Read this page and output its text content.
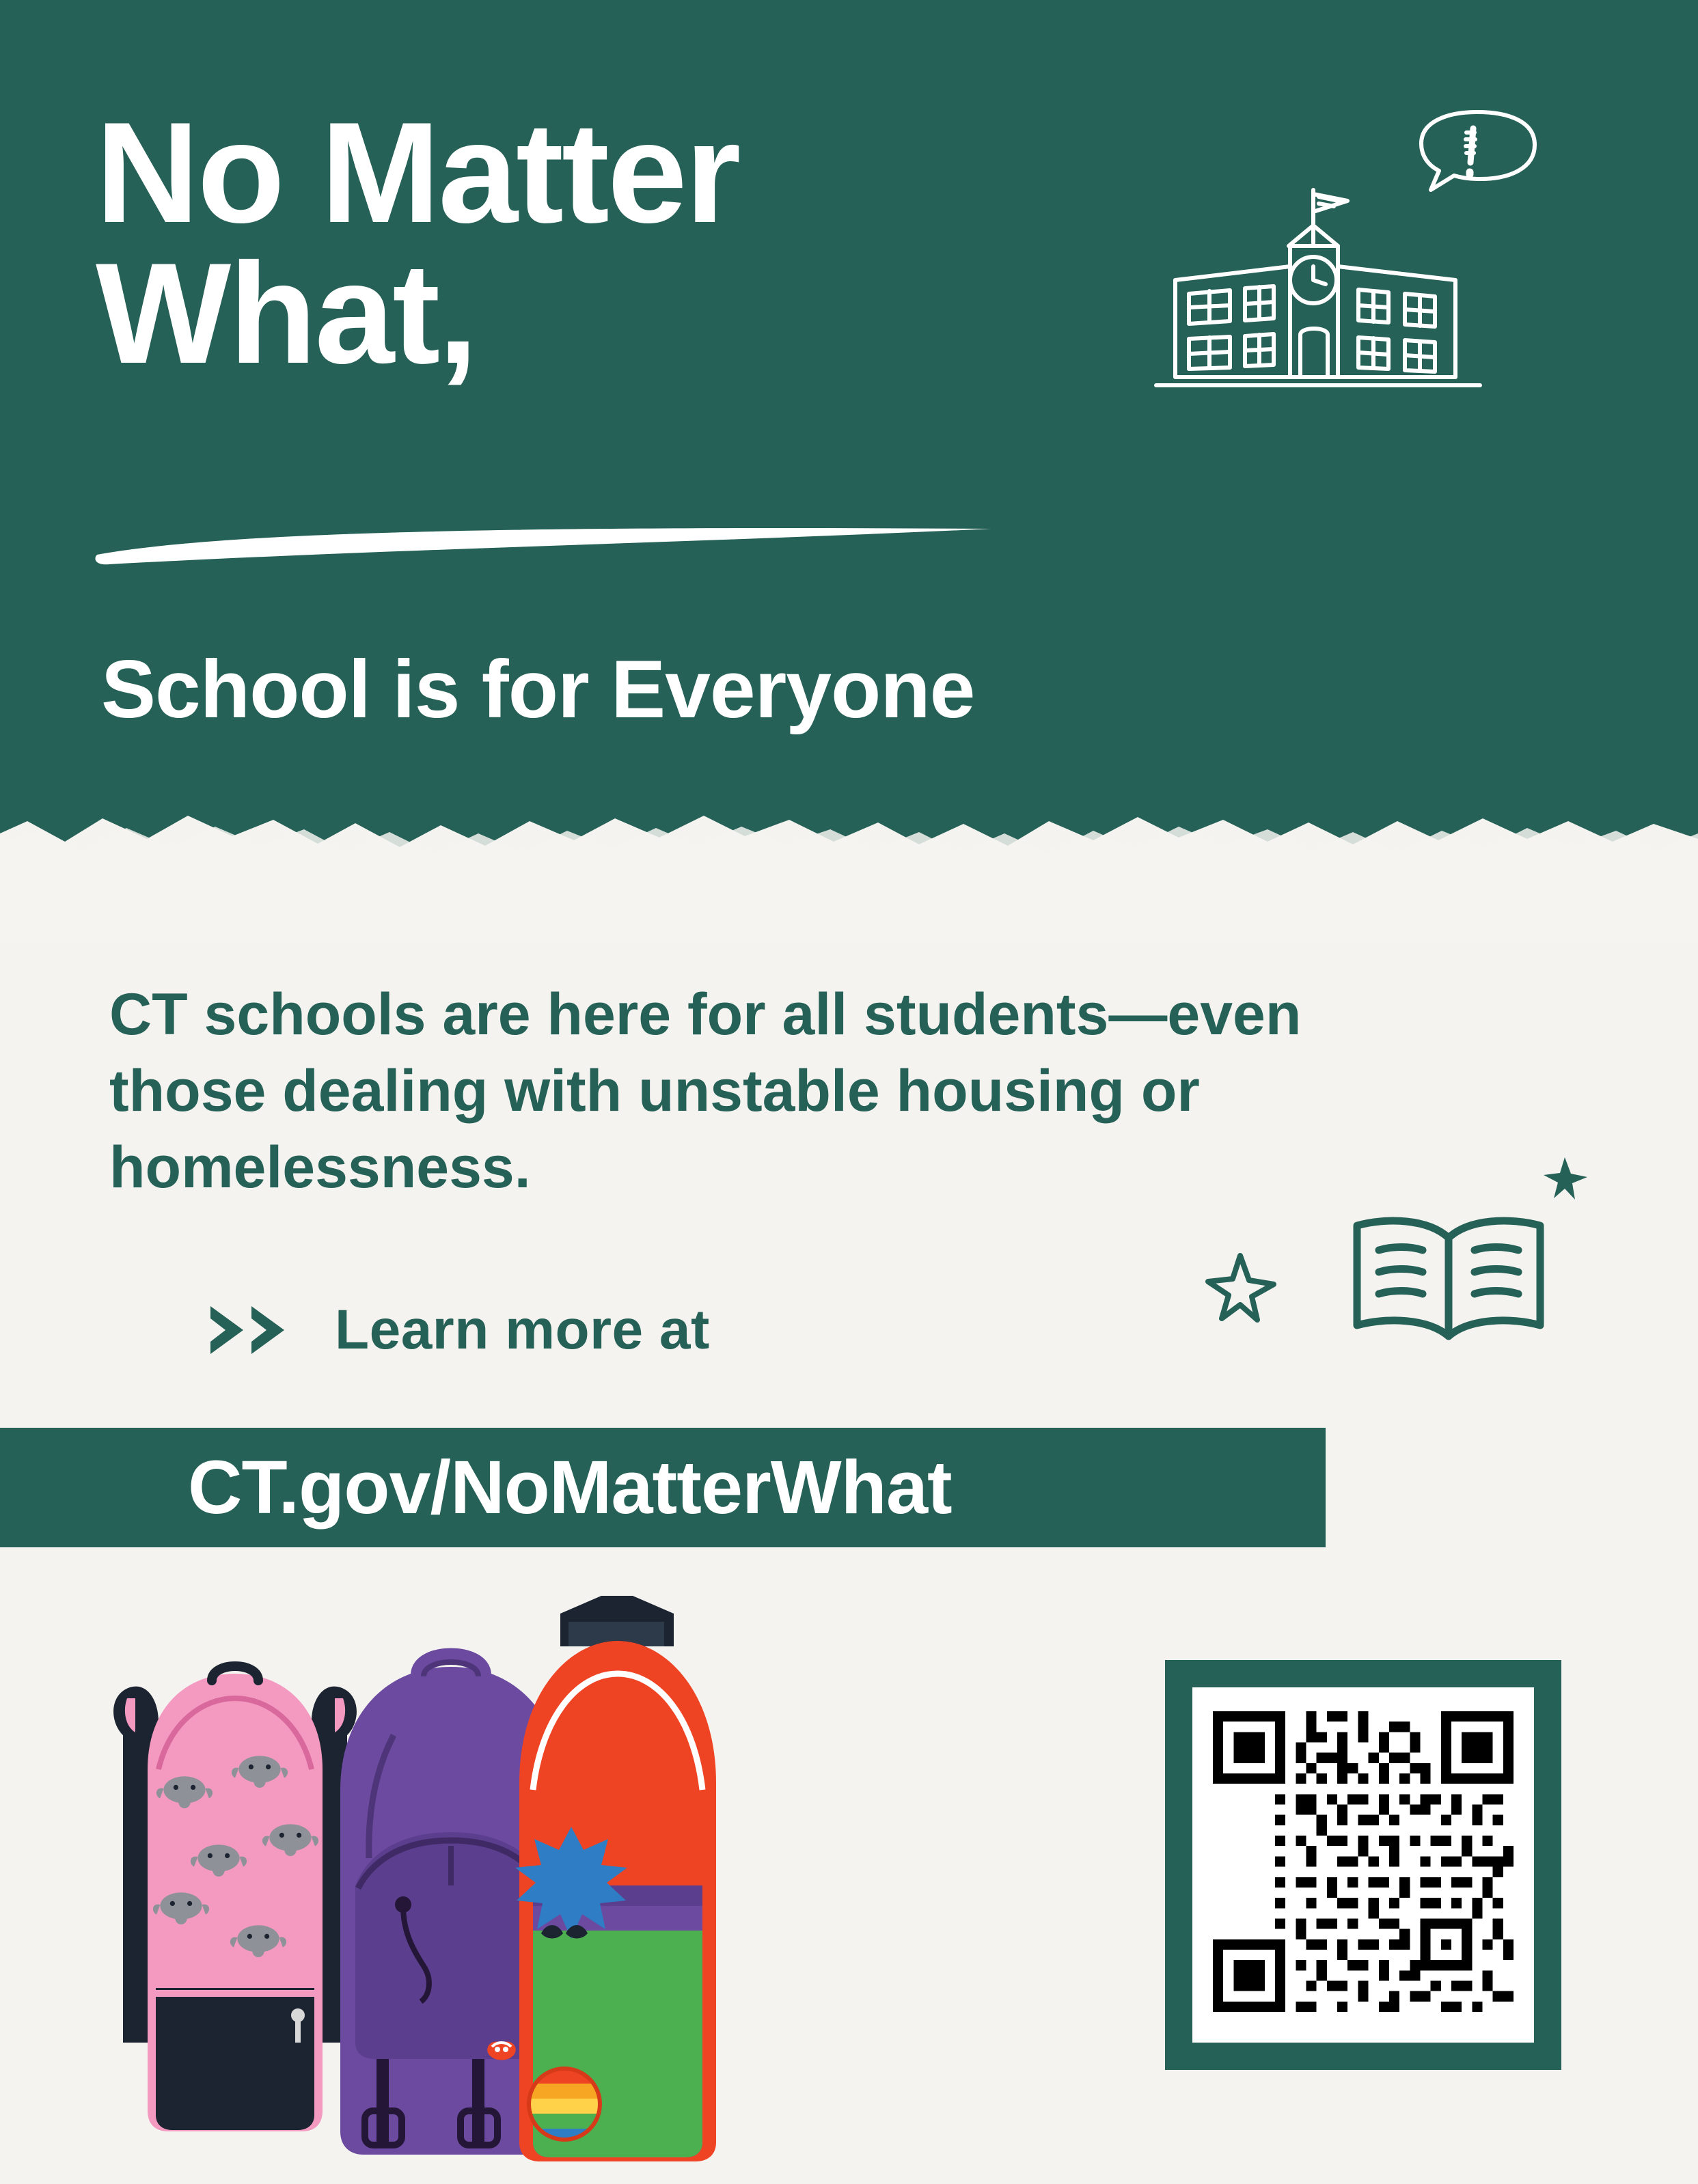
No Matter
What,
School is for Everyone
CT schools are here for all students—even those dealing with unstable housing or homelessness.
Learn more at
CT.gov/NoMatterWhat
